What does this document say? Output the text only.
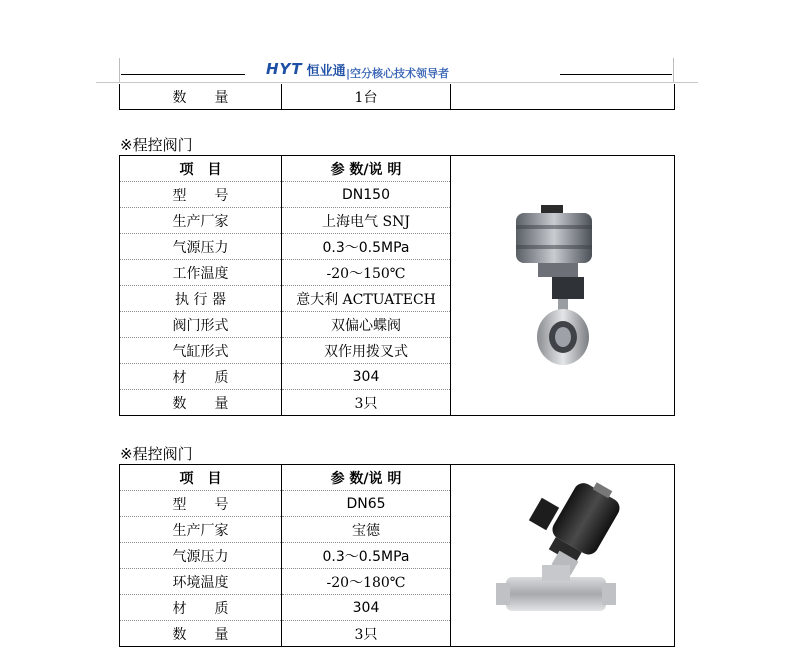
HYT 恒业通 |空分核心技术领导者
数　　量	1台	
※程控阀门
项　目	参 数/说 明	
型　　号	DN150	
生产厂家	上海电气 SNJ	
气源压力	0.3～0.5MPa	
工作温度	-20～150℃	
执 行 器	意大利 ACTUATECH	
阀门形式	双偏心蝶阀	
气缸形式	双作用拨叉式	
材　　质	304	
数　　量	3只	
※程控阀门
项　目	参 数/说 明	
型　　号	DN65	
生产厂家	宝德	
气源压力	0.3～0.5MPa	
环境温度	-20～180℃	
材　　质	304	
数　　量	3只	
